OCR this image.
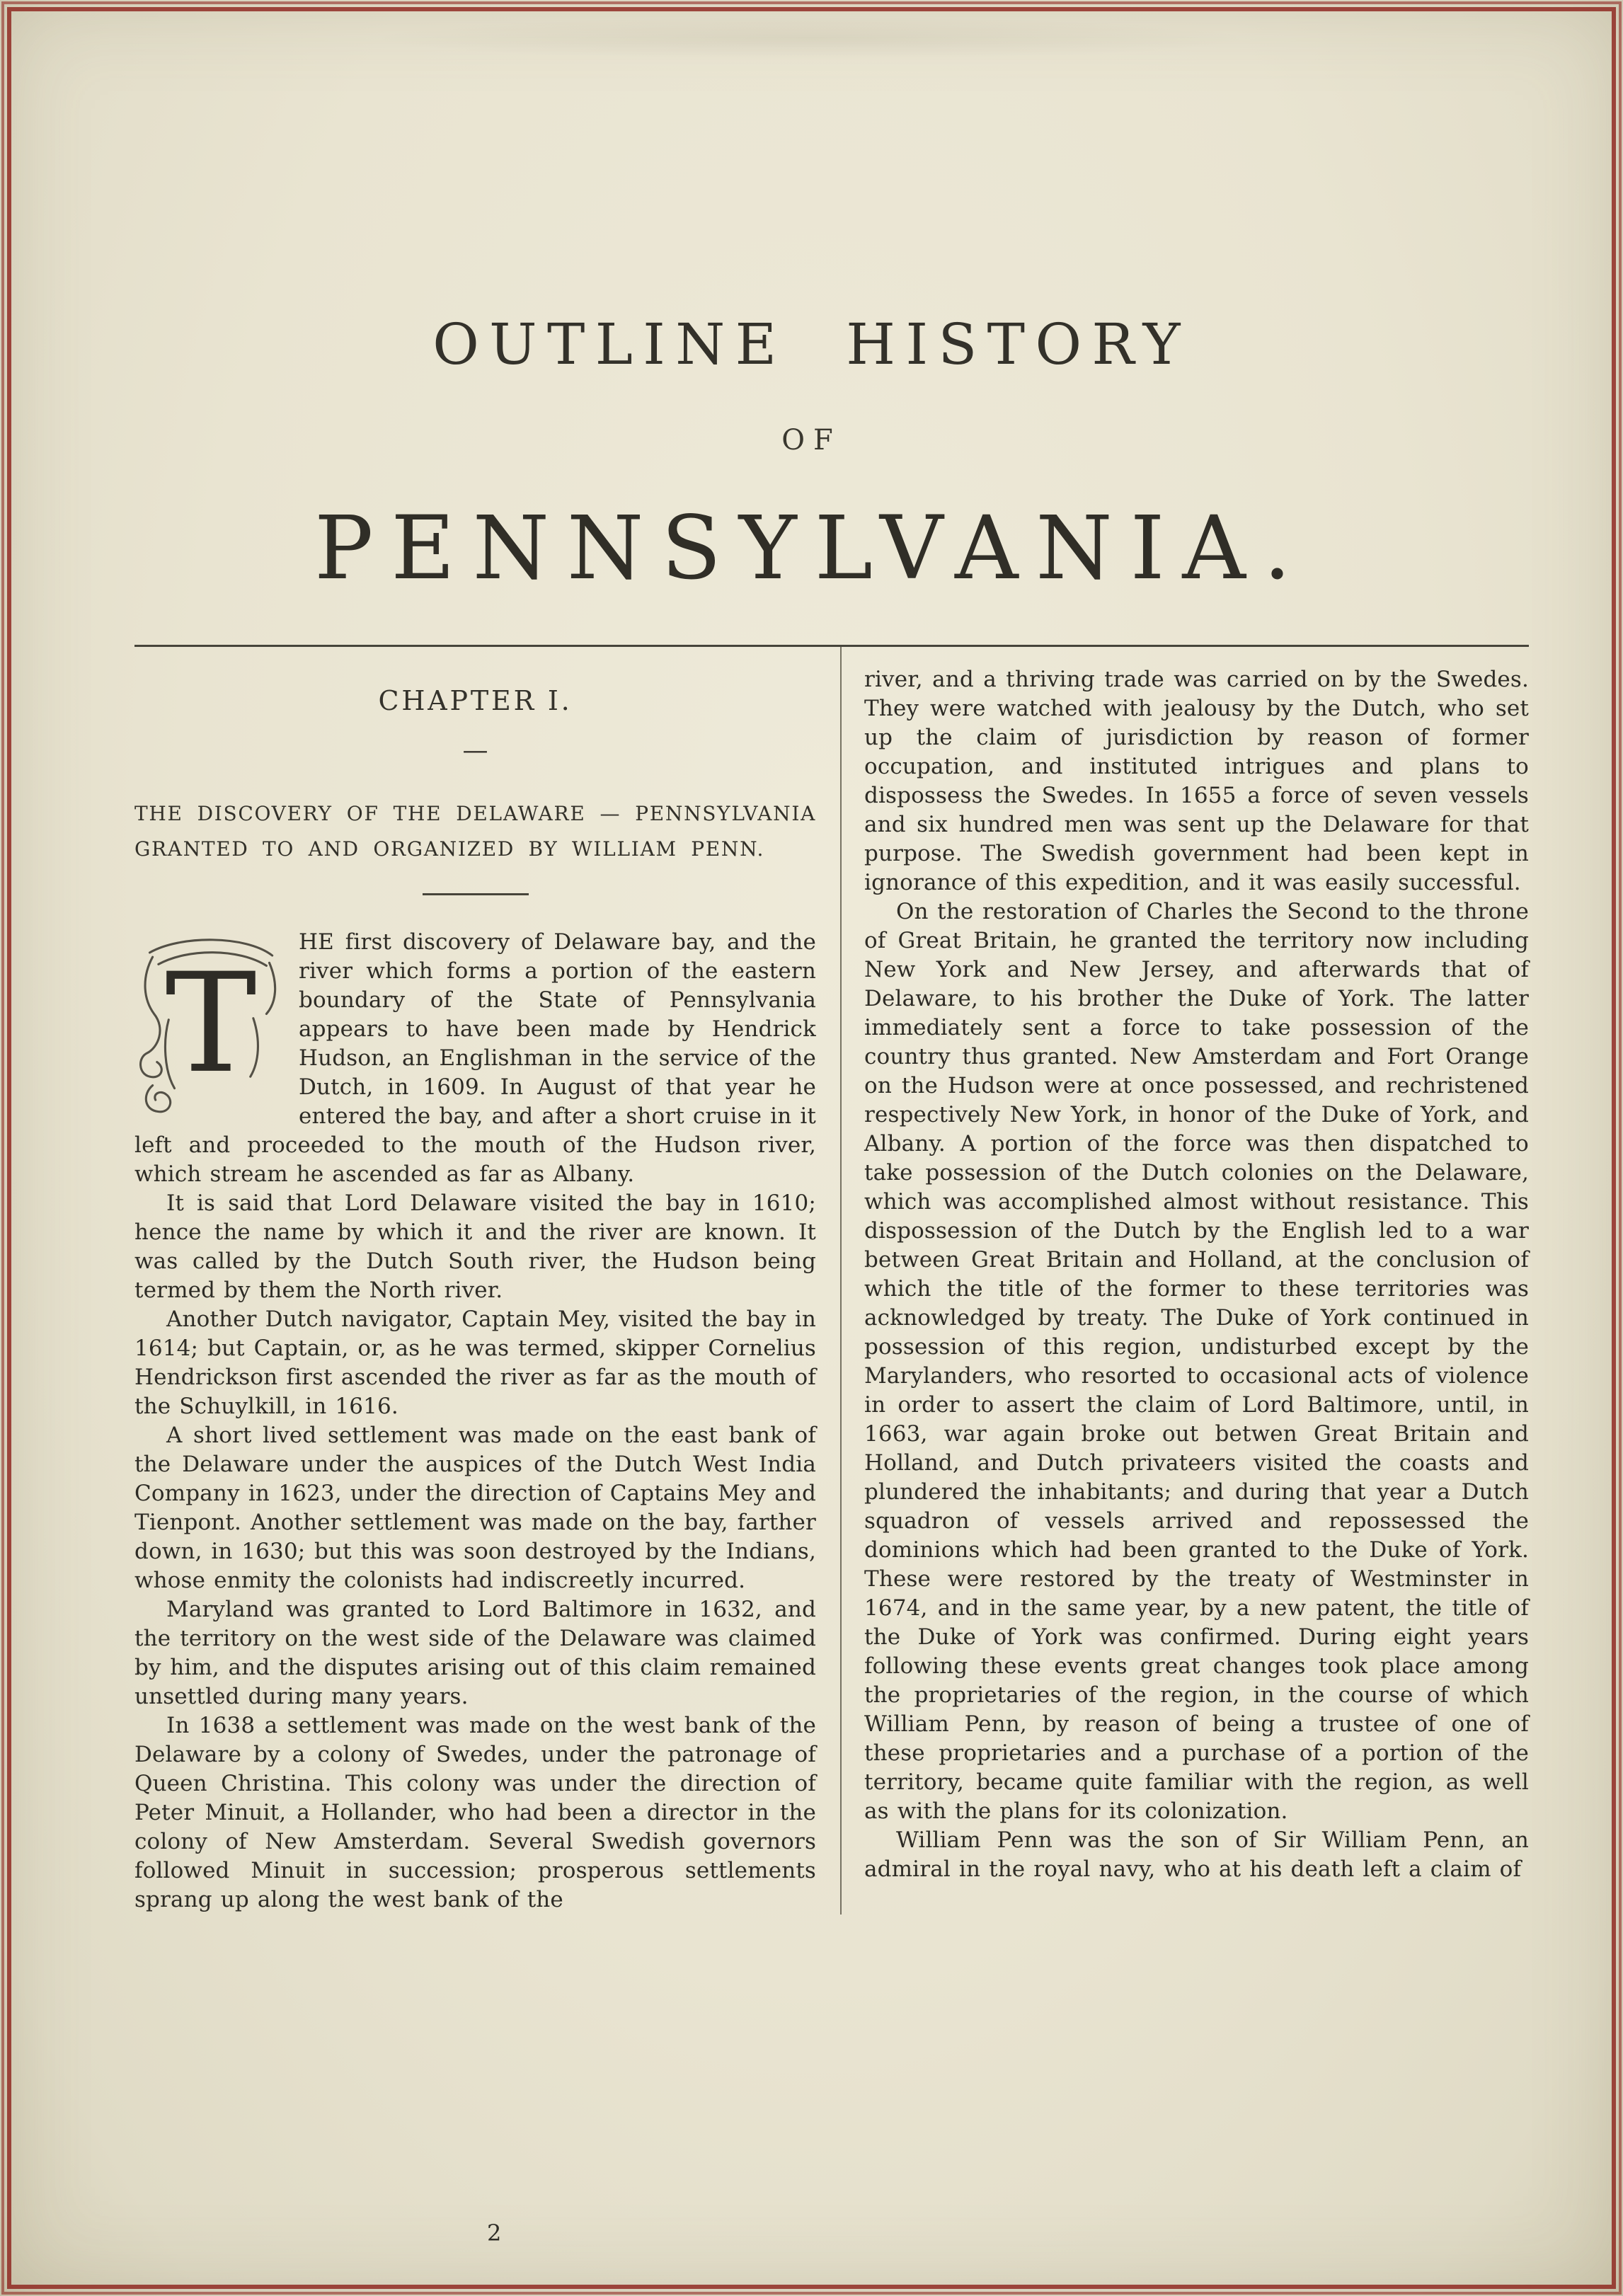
OUTLINE HISTORY
OF
PENNSYLVANIA.
CHAPTER I.
—
THE DISCOVERY OF THE DELAWARE — PENNSYLVANIA GRANTED TO AND ORGANIZED BY WILLIAM PENN.

T
HE first discovery of Delaware bay, and the river which forms a portion of the eastern boundary of the State of Pennsylvania appears to have been made by Hendrick Hudson, an Englishman in the service of the Dutch, in 1609. In August of that year he entered the bay, and after a short cruise in it left and proceeded to the mouth of the Hudson river, which stream he ascended as far as Albany.

It is said that Lord Delaware visited the bay in 1610; hence the name by which it and the river are known. It was called by the Dutch South river, the Hudson being termed by them the North river.

Another Dutch navigator, Captain Mey, visited the bay in 1614; but Captain, or, as he was termed, skipper Cornelius Hendrickson first ascended the river as far as the mouth of the Schuylkill, in 1616.

A short lived settlement was made on the east bank of the Delaware under the auspices of the Dutch West India Company in 1623, under the direction of Captains Mey and Tienpont. Another settlement was made on the bay, farther down, in 1630; but this was soon destroyed by the Indians, whose enmity the colonists had indiscreetly incurred.

Maryland was granted to Lord Baltimore in 1632, and the territory on the west side of the Delaware was claimed by him, and the disputes arising out of this claim remained unsettled during many years.

In 1638 a settlement was made on the west bank of the Delaware by a colony of Swedes, under the patronage of Queen Christina. This colony was under the direction of Peter Minuit, a Hollander, who had been a director in the colony of New Amsterdam. Several Swedish governors followed Minuit in succession; prosperous settlements sprang up along the west bank of the

river, and a thriving trade was carried on by the Swedes. They were watched with jealousy by the Dutch, who set up the claim of jurisdiction by reason of former occupation, and instituted intrigues and plans to dispossess the Swedes. In 1655 a force of seven vessels and six hundred men was sent up the Delaware for that purpose. The Swedish government had been kept in ignorance of this expedition, and it was easily successful.

On the restoration of Charles the Second to the throne of Great Britain, he granted the territory now including New York and New Jersey, and afterwards that of Delaware, to his brother the Duke of York. The latter immediately sent a force to take possession of the country thus granted. New Amsterdam and Fort Orange on the Hudson were at once possessed, and rechristened respectively New York, in honor of the Duke of York, and Albany. A portion of the force was then dispatched to take possession of the Dutch colonies on the Delaware, which was accomplished almost without resistance. This dispossession of the Dutch by the English led to a war between Great Britain and Holland, at the conclusion of which the title of the former to these territories was acknowledged by treaty. The Duke of York continued in possession of this region, undisturbed except by the Marylanders, who resorted to occasional acts of violence in order to assert the claim of Lord Baltimore, until, in 1663, war again broke out betwen Great Britain and Holland, and Dutch privateers visited the coasts and plundered the inhabitants; and during that year a Dutch squadron of vessels arrived and repossessed the dominions which had been granted to the Duke of York. These were restored by the treaty of Westminster in 1674, and in the same year, by a new patent, the title of the Duke of York was confirmed. During eight years following these events great changes took place among the proprietaries of the region, in the course of which William Penn, by reason of being a trustee of one of these proprietaries and a purchase of a portion of the territory, became quite familiar with the region, as well as with the plans for its colonization.

William Penn was the son of Sir William Penn, an admiral in the royal navy, who at his death left a claim of

2
